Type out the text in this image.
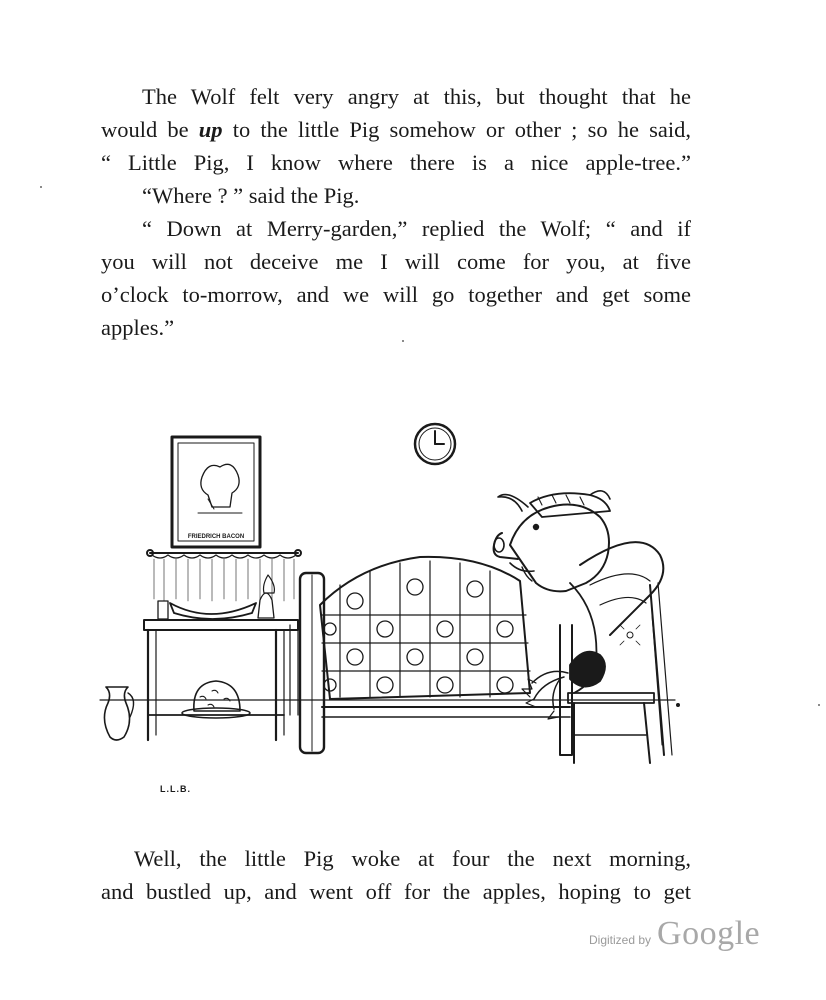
The Wolf felt very angry at this, but thought that he

would be up to the little Pig somehow or other ; so he said,

“ Little Pig, I know where there is a nice apple-tree.”

“Where ? ” said the Pig.

“ Down at Merry-garden,” replied the Wolf; “ and if

you will not deceive me I will come for you, at five

o’clock to-morrow, and we will go together and get some

apples.”

FRIEDRICH BACON
L.L.B.

Well, the little Pig woke at four the next morning,

and bustled up, and went off for the apples, hoping to get

Digitized by Google
